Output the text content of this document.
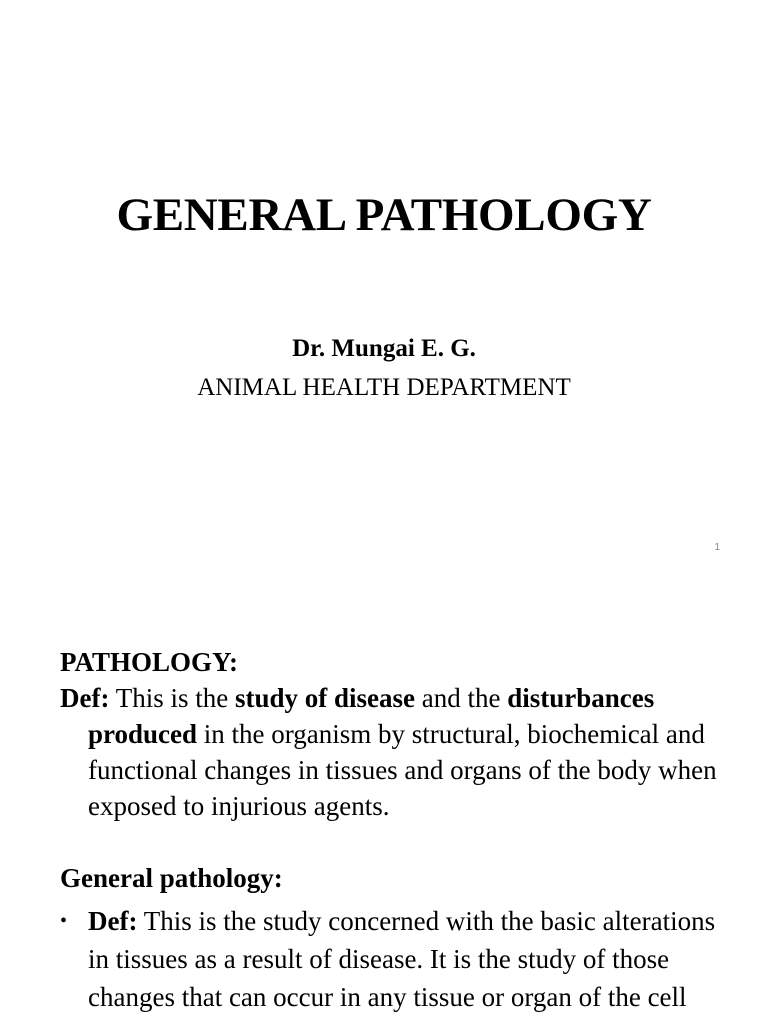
GENERAL PATHOLOGY
Dr. Mungai E. G.
ANIMAL HEALTH DEPARTMENT
1
PATHOLOGY:
Def: This is the study of disease and the disturbances produced in the organism by structural, biochemical and functional changes in tissues and organs of the body when exposed to injurious agents.
General pathology:
• Def: This is the study concerned with the basic alterations in tissues as a result of disease. It is the study of those changes that can occur in any tissue or organ of the cell
